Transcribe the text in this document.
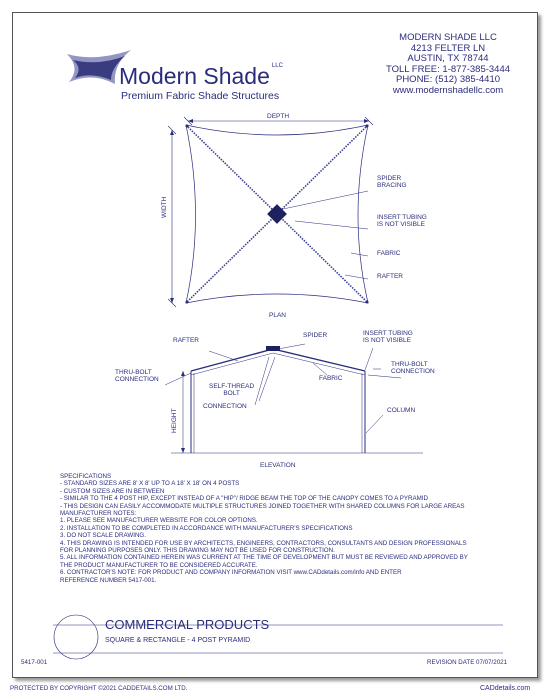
Modern Shade $^{LLC}$
Premium Fabric Shade Structures
MODERN SHADE LLC
4213 FELTER LN
AUSTIN, TX 78744
TOLL FREE: 1-877-385-3444
PHONE: (512) 385-4410
www.modernshadellc.com
DEPTH
WIDTH
PLAN
SPIDER
BRACING
INSERT TUBING
IS NOT VISIBLE
FABRIC
RAFTER
RAFTER
SPIDER	INSERT TUBING
IS NOT VISIBLE
THRU-BOLT
CONNECTION
THRU-BOLT
CONNECTION
SELF-THREAD
BOLT
CONNECTION
FABRIC
COLUMN
HEIGHT
ELEVATION
SPECIFICATIONS
- STANDARD SIZES ARE 8' X 8' UP TO A 18' X 18' ON 4 POSTS
- CUSTOM SIZES ARE IN BETWEEN
- SIMILAR TO THE 4 POST HIP, EXCEPT INSTEAD OF A "HIP"/ RIDGE BEAM THE TOP OF THE CANOPY COMES TO A PYRAMID
- THIS DESIGN CAN EASILY ACCOMMODATE MULTIPLE STRUCTURES JOINED TOGETHER WITH SHARED COLUMNS FOR LARGE AREAS
MANUFACTURER NOTES:
1. PLEASE SEE MANUFACTURER WEBSITE FOR COLOR OPTIONS.
2. INSTALLATION TO BE COMPLETED IN ACCORDANCE WITH MANUFACTURER'S SPECIFICATIONS
3. DO NOT SCALE DRAWING.
4. THIS DRAWING IS INTENDED FOR USE BY ARCHITECTS, ENGINEERS, CONTRACTORS, CONSULTANTS AND DESIGN PROFESSIONALS
FOR PLANNING PURPOSES ONLY. THIS DRAWING MAY NOT BE USED FOR CONSTRUCTION.
5. ALL INFORMATION CONTAINED HEREIN WAS CURRENT AT THE TIME OF DEVELOPMENT BUT MUST BE REVIEWED AND APPROVED BY
THE PRODUCT MANUFACTURER TO BE CONSIDERED ACCURATE.
6. CONTRACTOR'S NOTE: FOR PRODUCT AND COMPANY INFORMATION VISIT www.CADdetails.com/info AND ENTER
REFERENCE NUMBER 5417-001.
COMMERCIAL PRODUCTS
SQUARE & RECTANGLE - 4 POST PYRAMID
5417-001	REVISION DATE 07/07/2021
PROTECTED BY COPYRIGHT ©2021 CADDETAILS.COM LTD.	CADdetails.com
